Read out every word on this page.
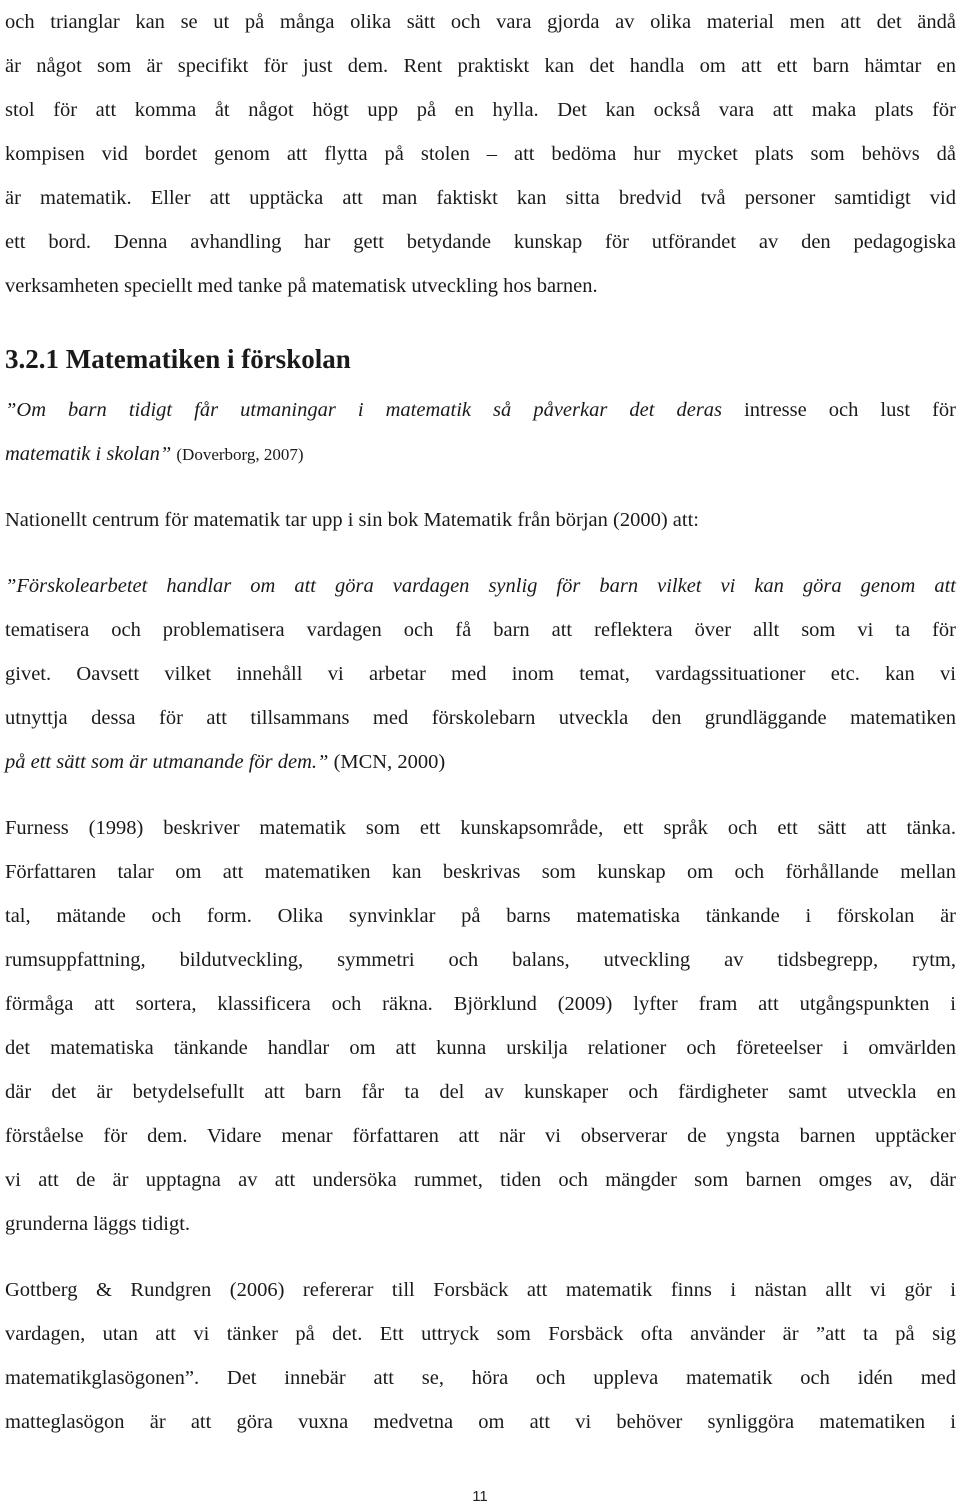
och trianglar kan se ut på många olika sätt och vara gjorda av olika material men att det ändå

är något som är specifikt för just dem. Rent praktiskt kan det handla om att ett barn hämtar en

stol för att komma åt något högt upp på en hylla. Det kan också vara att maka plats för

kompisen vid bordet genom att flytta på stolen – att bedöma hur mycket plats som behövs då

är matematik. Eller att upptäcka att man faktiskt kan sitta bredvid två personer samtidigt vid

ett bord. Denna avhandling har gett betydande kunskap för utförandet av den pedagogiska

verksamheten speciellt med tanke på matematisk utveckling hos barnen.

3.2.1 Matematiken i förskolan

”Om barn tidigt får utmaningar i matematik så påverkar det deras intresse och lust för

matematik i skolan” (Doverborg, 2007)

Nationellt centrum för matematik tar upp i sin bok Matematik från början (2000) att:

”Förskolearbetet handlar om att göra vardagen synlig för barn vilket vi kan göra genom att

tematisera och problematisera vardagen och få barn att reflektera över allt som vi ta för

givet. Oavsett vilket innehåll vi arbetar med inom temat, vardagssituationer etc. kan vi

utnyttja dessa för att tillsammans med förskolebarn utveckla den grundläggande matematiken

på ett sätt som är utmanande för dem.” (MCN, 2000)

Furness (1998) beskriver matematik som ett kunskapsområde, ett språk och ett sätt att tänka.

Författaren talar om att matematiken kan beskrivas som kunskap om och förhållande mellan

tal, mätande och form. Olika synvinklar på barns matematiska tänkande i förskolan är

rumsuppfattning, bildutveckling, symmetri och balans, utveckling av tidsbegrepp, rytm,

förmåga att sortera, klassificera och räkna. Björklund (2009) lyfter fram att utgångspunkten i

det matematiska tänkande handlar om att kunna urskilja relationer och företeelser i omvärlden

där det är betydelsefullt att barn får ta del av kunskaper och färdigheter samt utveckla en

förståelse för dem. Vidare menar författaren att när vi observerar de yngsta barnen upptäcker

vi att de är upptagna av att undersöka rummet, tiden och mängder som barnen omges av, där

grunderna läggs tidigt.

Gottberg & Rundgren (2006) refererar till Forsbäck att matematik finns i nästan allt vi gör i

vardagen, utan att vi tänker på det. Ett uttryck som Forsbäck ofta använder är ”att ta på sig

matematikglasögonen”. Det innebär att se, höra och uppleva matematik och idén med

matteglasögon är att göra vuxna medvetna om att vi behöver synliggöra matematiken i

11
